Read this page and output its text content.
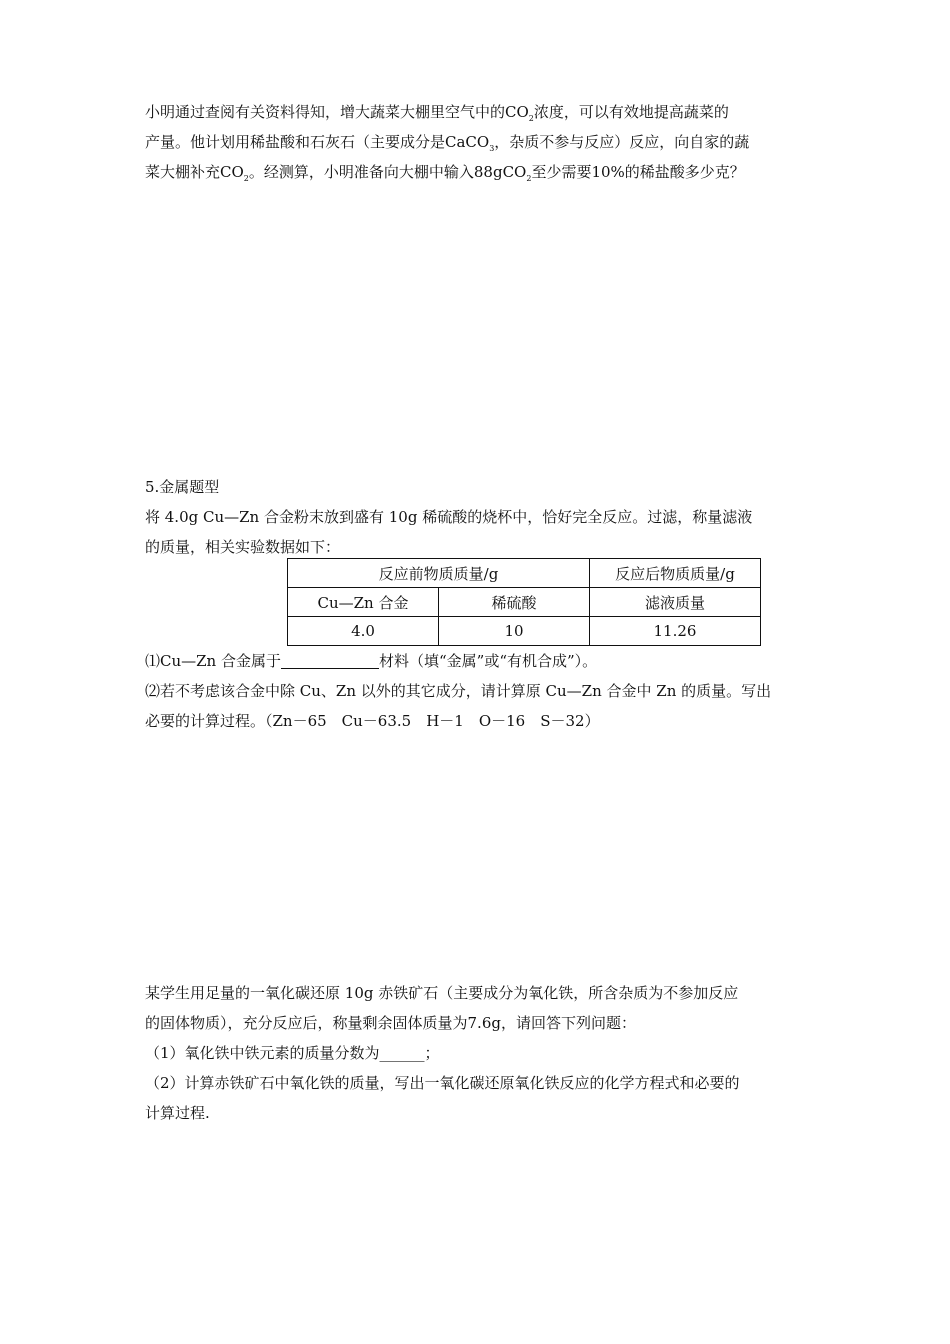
小明通过查阅有关资料得知，增大蔬菜大棚里空气中的$CO_2$浓度，可以有效地提高蔬菜的
产量。他计划用稀盐酸和石灰石（主要成分是CaCO$_3$，杂质不参与反应）反应，向自家的蔬
菜大棚补充$CO_2$。经测算，小明准备向大棚中输入88gCO$_2$至少需要10%的稀盐酸多少克？
5.金属题型
将 4.0g Cu—Zn 合金粉末放到盛有 10g 稀硫酸的烧杯中，恰好完全反应。过滤，称量滤液
的质量，相关实验数据如下：
反应前物质质量/g		反应后物质质量/g
Cu—Zn 合金	稀硫酸	滤液质量
4.0	10	11.26
⑴Cu—Zn 合金属于	材料（填“金属”或“有机合成”）。
⑵若不考虑该合金中除 Cu、Zn 以外的其它成分，请计算原 Cu—Zn 合金中 Zn 的质量。写出
必要的计算过程。（Zn－65　Cu－63.5　H－1　O－16　S－32）
某学生用足量的一氧化碳还原 10g 赤铁矿石（主要成分为氧化铁，所含杂质为不参加反应
的固体物质），充分反应后，称量剩余固体质量为7.6g，请回答下列问题：
（1）氧化铁中铁元素的质量分数为______；
（2）计算赤铁矿石中氧化铁的质量，写出一氧化碳还原氧化铁反应的化学方程式和必要的
计算过程.
